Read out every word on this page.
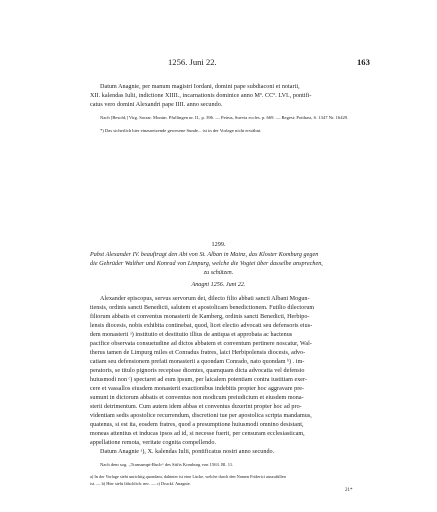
1256. Juni 22.	163
Datum Anagnie, per manum magistri Iordani, domini pape subdiaconi et notarii,
XII. kalendas Iulii, indictione XIIII., incarnationis dominice anno Mº. CCº. LVI., pontifi-
catus vero domini Alexandri pape IIII. anno secundo.
Nach [Besold,] Virg. Sacrar. Monim. Pfullingen nr. II., p. 396. — Petrus, Suevia eccles. p. 669. — Regest: Potthast, S. 1347 Nr. 16429.
*) Das sicherlich hier einzusetzende gewesene Sunde... ist in der Vorlage nicht erwähnt.
1299.
Pabst Alexander IV. beauftragt den Abt von St. Alban in Mainz, das Kloster Komburg gegen
die Gebrüder Walther und Konrad von Limpurg, welche die Vogtei über dasselbe ansprechen,
zu schützen.
Anagni 1256. Juni 22.
Alexander episcopus, servus servorum dei, dilecto filio abbati sancti Albani Mogun-
tiensis, ordinis sancti Benedicti, salutem et apostolicam benedictionem. Futilio dilectorum
filiorum abbatis et conventus monasterii de Kamberg, ordinis sancti Benedicti, Herbipo-
lensis diocesis, nobis exhibita continebat, quod, licet electio advocati seu defensoris eius-
dem monasterii ᵃ) institutio et destitutio illius de antiqua et approbata ac hactenus
pacifice observata consuetudine ad dictos abbatem et conventum pertinere noscatur, Wal-
therus tamen de Limpurg miles et Conradus fratres, laici Herbipolensis diocesis, advo-
catiam seu defensionem prefati monasterii a quondam Conrado, nato quondam ᵇ) . im-
peratoris, se titulo pignoris recepisse dicentes, quamquam dicta advocatia vel defensio
huiusmodi non ᶜ) spectaret ad eum ipsum, per laicalem potentiam contra iustitiam exer-
cere et vassallos eiusdem monasterii exactionibus indebitis propter hoc aggravare pre-
sumunt in dictorum abbatis et conventus non modicum preiudicium et eiusdem mona-
sterii detrimentum. Cum autem idem abbas et conventus duxerint propter hoc ad pro-
videntiam sedis apostolice recurrendum, discretioni tue per apostolica scripta mandamus,
quatenus, si est ita, eosdem fratres, quod a presumptione huiusmodi omnino desistant,
moneas attentius et inducas ipsos ad id, si necesse fuerit, per censuram ecclesiasticam,
appellatione remota, veritate cognita compellendo.
Datum Anagnie ᵃ), X. kalendas Iulii, pontificatus nostri anno secundo.
Nach dem sog. „Transumpt-Buch“ des Stifts Komburg von 1563. Bl. 11.
a) In der Vorlage steht unrichtig quondam, dahinter ist eine Lücke, welche durch den Namen Friderici auszufüllen
ist. — b) Hier steht fälschlich: nec. — c) Druckf. Anagnie.
21*
